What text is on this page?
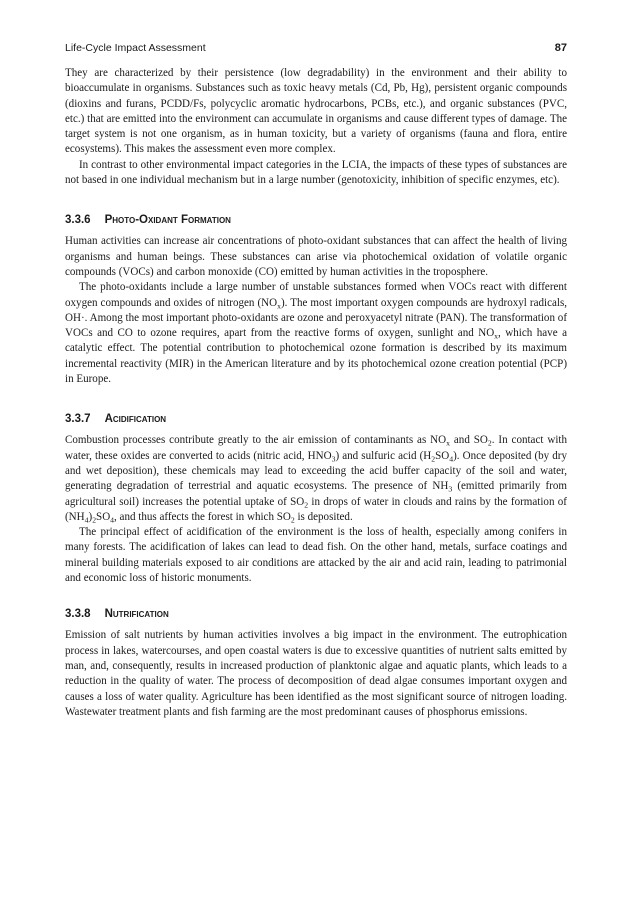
Life-Cycle Impact Assessment	87

They are characterized by their persistence (low degradability) in the environment and their ability to bioaccumulate in organisms. Substances such as toxic heavy metals (Cd, Pb, Hg), persistent organic compounds (dioxins and furans, PCDD/Fs, polycyclic aromatic hydrocarbons, PCBs, etc.), and organic substances (PVC, etc.) that are emitted into the environment can accumulate in organisms and cause different types of damage. The target system is not one organism, as in human toxicity, but a variety of organisms (fauna and flora, entire ecosystems). This makes the assessment even more complex.

In contrast to other environmental impact categories in the LCIA, the impacts of these types of substances are not based in one individual mechanism but in a large number (genotoxicity, inhibition of specific enzymes, etc).

3.3.6 Photo-Oxidant Formation

Human activities can increase air concentrations of photo-oxidant substances that can affect the health of living organisms and human beings. These substances can arise via photochemical oxidation of volatile organic compounds (VOCs) and carbon monoxide (CO) emitted by human activities in the troposphere.

The photo-oxidants include a large number of unstable substances formed when VOCs react with different oxygen compounds and oxides of nitrogen $(NO_x)$. The most important oxygen compounds are hydroxyl radicals, OH·. Among the most important photo-oxidants are ozone and peroxyacetyl nitrate (PAN). The transformation of VOCs and CO to ozone requires, apart from the reactive forms of oxygen, sunlight and $NO_x$, which have a catalytic effect. The potential contribution to photochemical ozone formation is described by its maximum incremental reactivity (MIR) in the American literature and by its photochemical ozone creation potential (PCP) in Europe.

3.3.7 Acidification

Combustion processes contribute greatly to the air emission of contaminants as $NO_x$ and $SO_2$. In contact with water, these oxides are converted to acids (nitric acid, $HNO_3$) and sulfuric acid $(H_2SO_4)$. Once deposited (by dry and wet deposition), these chemicals may lead to exceeding the acid buffer capacity of the soil and water, generating degradation of terrestrial and aquatic ecosystems. The presence of $NH_3$ (emitted primarily from agricultural soil) increases the potential uptake of $SO_2$ in drops of water in clouds and rains by the formation of $(NH_4)_2SO_4$, and thus affects the forest in which $SO_2$ is deposited.

The principal effect of acidification of the environment is the loss of health, especially among conifers in many forests. The acidification of lakes can lead to dead fish. On the other hand, metals, surface coatings and mineral building materials exposed to air conditions are attacked by the air and acid rain, leading to patrimonial and economic loss of historic monuments.

3.3.8 Nutrification

Emission of salt nutrients by human activities involves a big impact in the environment. The eutrophication process in lakes, watercourses, and open coastal waters is due to excessive quantities of nutrient salts emitted by man, and, consequently, results in increased production of planktonic algae and aquatic plants, which leads to a reduction in the quality of water. The process of decomposition of dead algae consumes important oxygen and causes a loss of water quality. Agriculture has been identified as the most significant source of nitrogen loading. Wastewater treatment plants and fish farming are the most predominant causes of phosphorus emissions.
